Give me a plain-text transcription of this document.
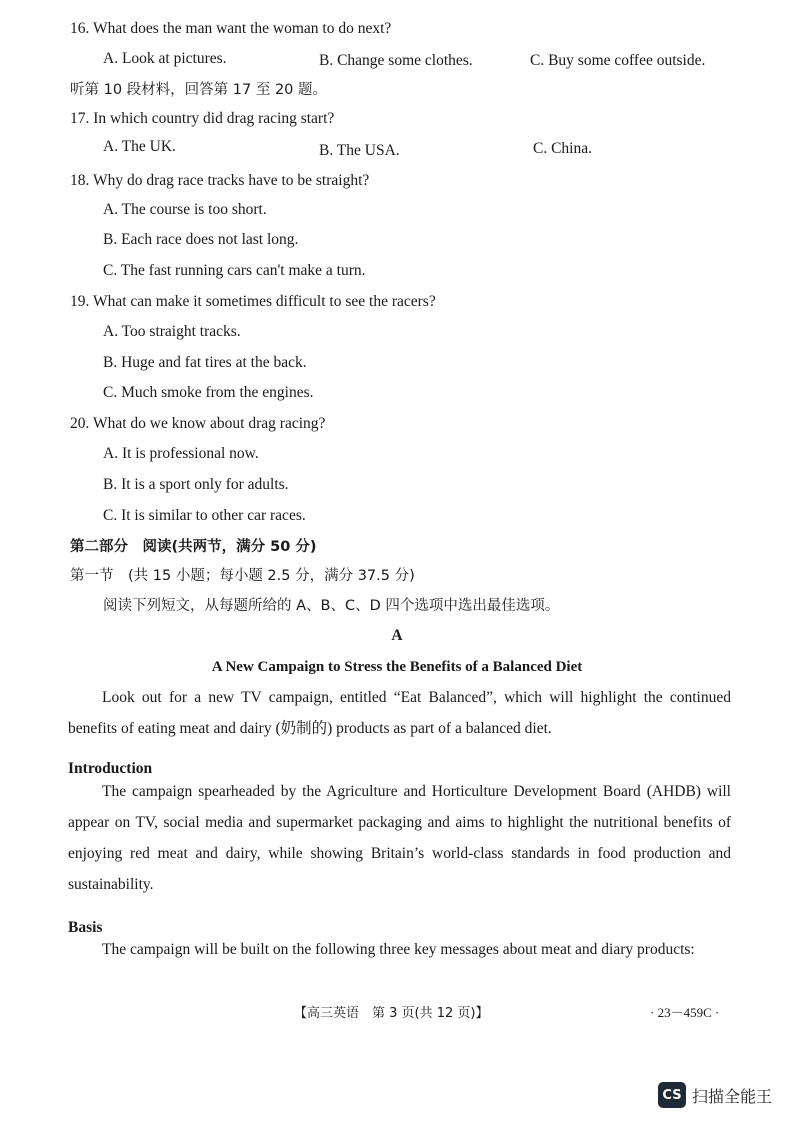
16. What does the man want the woman to do next?
A. Look at pictures.	B. Change some clothes.	C. Buy some coffee outside.
听第 10 段材料，回答第 17 至 20 题。
17. In which country did drag racing start?
A. The UK.	B. The USA.	C. China.
18. Why do drag race tracks have to be straight?
A. The course is too short.
B. Each race does not last long.
C. The fast running cars can't make a turn.
19. What can make it sometimes difficult to see the racers?
A. Too straight tracks.
B. Huge and fat tires at the back.
C. Much smoke from the engines.
20. What do we know about drag racing?
A. It is professional now.
B. It is a sport only for adults.
C. It is similar to other car races.
第二部分　阅读(共两节，满分 50 分)
第一节　(共 15 小题；每小题 2.5 分，满分 37.5 分)
阅读下列短文，从每题所给的 A、B、C、D 四个选项中选出最佳选项。
A
A New Campaign to Stress the Benefits of a Balanced Diet
Look out for a new TV campaign, entitled “Eat Balanced”, which will highlight the continued benefits of eating meat and dairy (奶制的) products as part of a balanced diet.
Introduction
The campaign spearheaded by the Agriculture and Horticulture Development Board (AHDB) will appear on TV, social media and supermarket packaging and aims to highlight the nutritional benefits of enjoying red meat and dairy, while showing Britain’s world-class standards in food production and sustainability.
Basis
The campaign will be built on the following three key messages about meat and diary products:
【高三英语　第 3 页(共 12 页)】	· 23－459C ·
CS 扫描全能王
